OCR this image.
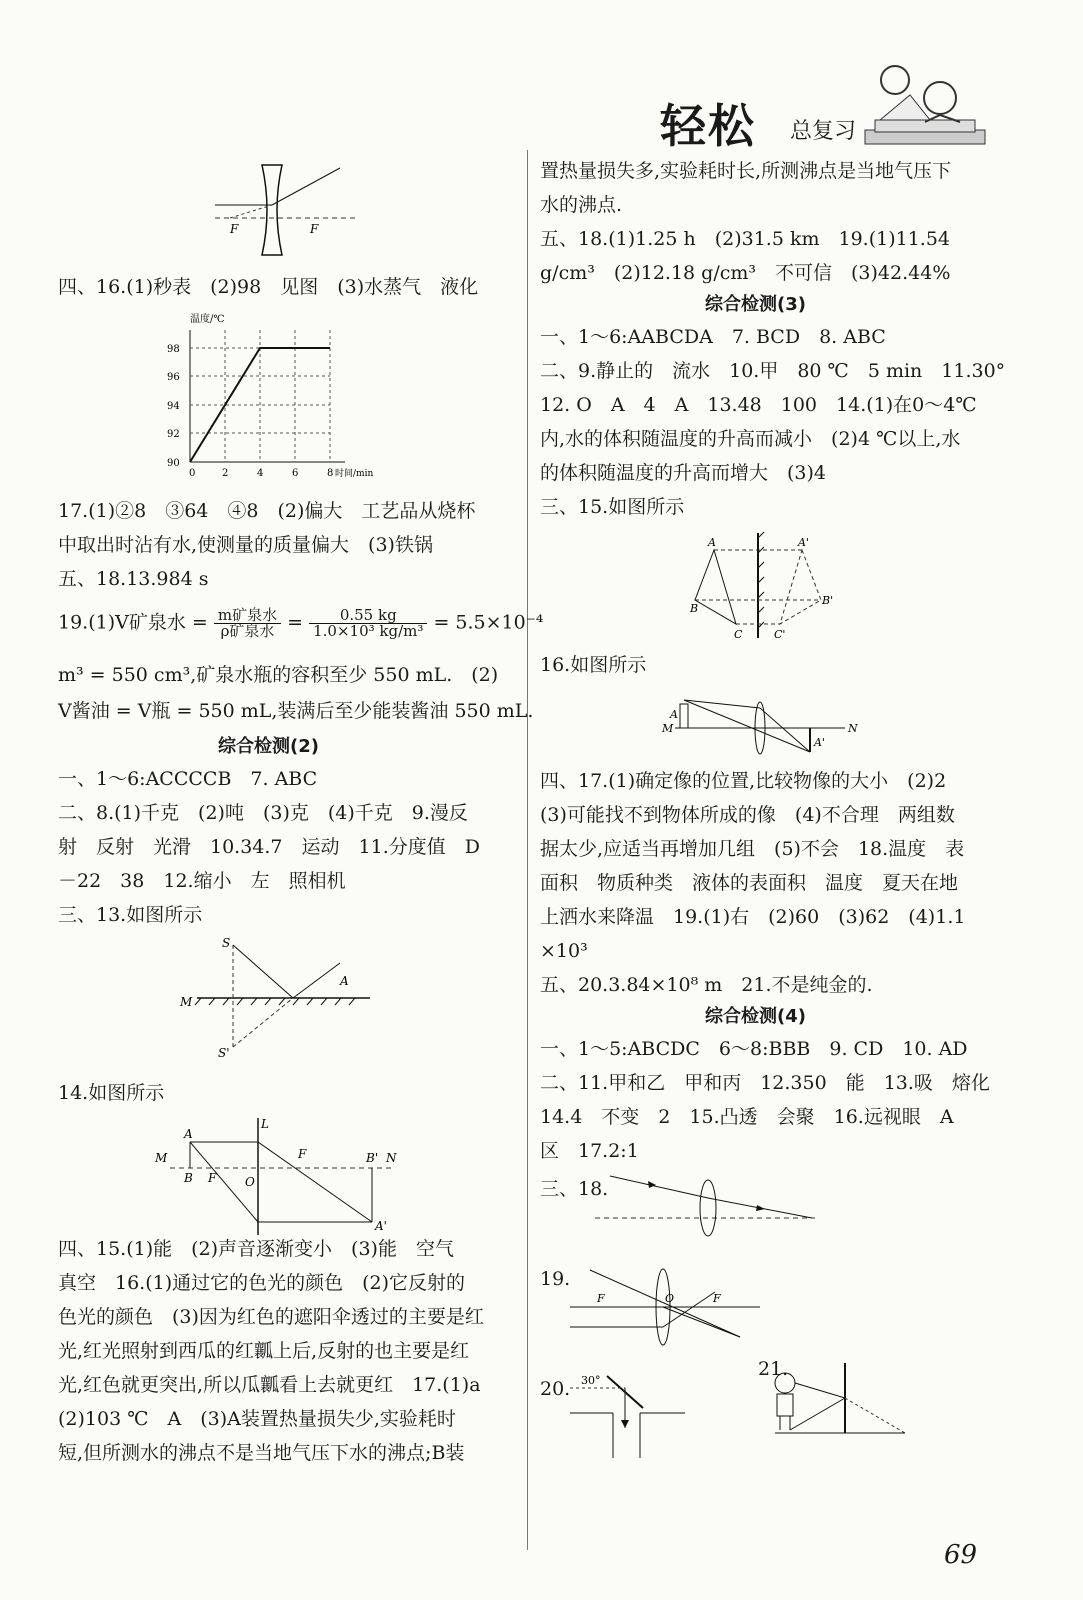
轻松 总复习
F	F
四、16.(1)秒表　(2)98　见图　(3)水蒸气　液化
温度/℃
98
96
94
92
90
0	2	4	6	8 时间/min
17.(1)②8　③64　④8　(2)偏大　工艺品从烧杯
中取出时沾有水,使测量的质量偏大　(3)铁锅
五、18.13.984 s
19.(1)V矿泉水 = $\frac{\text{m矿泉水}}{\text{ρ矿泉水}} = \frac{0.55 kg}{\text{1.0×10³ kg/m³}} = 5.5\times 10^{-4}$
m³ = 550 cm³,矿泉水瓶的容积至少 550 mL.　(2)
V酱油 = V瓶 = 550 mL,装满后至少能装酱油 550 mL.
综合检测(2)
一、1～6:ACCCCB　7. ABC
二、8.(1)千克　(2)吨　(3)克　(4)千克　9.漫反
射　反射　光滑　10.34.7　运动　11.分度值　D
－22　38　12.缩小　左　照相机
三、13.如图所示
S
M
S'
A
14.如图所示
M
A
B F O
L
F	B' N
A'
四、15.(1)能　(2)声音逐渐变小　(3)能　空气
真空　16.(1)通过它的色光的颜色　(2)它反射的
色光的颜色　(3)因为红色的遮阳伞透过的主要是红
光,红光照射到西瓜的红瓤上后,反射的也主要是红
光,红色就更突出,所以瓜瓤看上去就更红　17.(1)a
(2)103 ℃　A　(3)A装置热量损失少,实验耗时
短,但所测水的沸点不是当地气压下水的沸点;B装
置热量损失多,实验耗时长,所测沸点是当地气压下
水的沸点.
五、18.(1)1.25 h　(2)31.5 km　19.(1)11.54
g/cm³　(2)12.18 g/cm³　不可信　(3)42.44%
综合检测(3)
一、1～6:AABCDA　7. BCD　8. ABC
二、9.静止的　流水　10.甲　80 ℃　5 min　11.30°
12. O　A　4　A　13.48　100　14.(1)在0～4℃
内,水的体积随温度的升高而减小　(2)4 ℃以上,水
的体积随温度的升高而增大　(3)4
三、15.如图所示
A
B
C
A'
B'
C'
16.如图所示
M	N
A
A'
四、17.(1)确定像的位置,比较物像的大小　(2)2
(3)可能找不到物体所成的像　(4)不合理　两组数
据太少,应适当再增加几组　(5)不会　18.温度　表
面积　物质种类　液体的表面积　温度　夏天在地
上洒水来降温　19.(1)右　(2)60　(3)62　(4)1.1
×10³
五、20.3.84×10⁸ m　21.不是纯金的.
综合检测(4)
一、1～5:ABCDC　6～8:BBB　9. CD　10. AD
二、11.甲和乙　甲和丙　12.350　能　13.吸　熔化
14.4　不变　2　15.凸透　会聚　16.远视眼　A
区　17.2:1
三、18.
19.
F	O	F
20. 30°
21.
69
